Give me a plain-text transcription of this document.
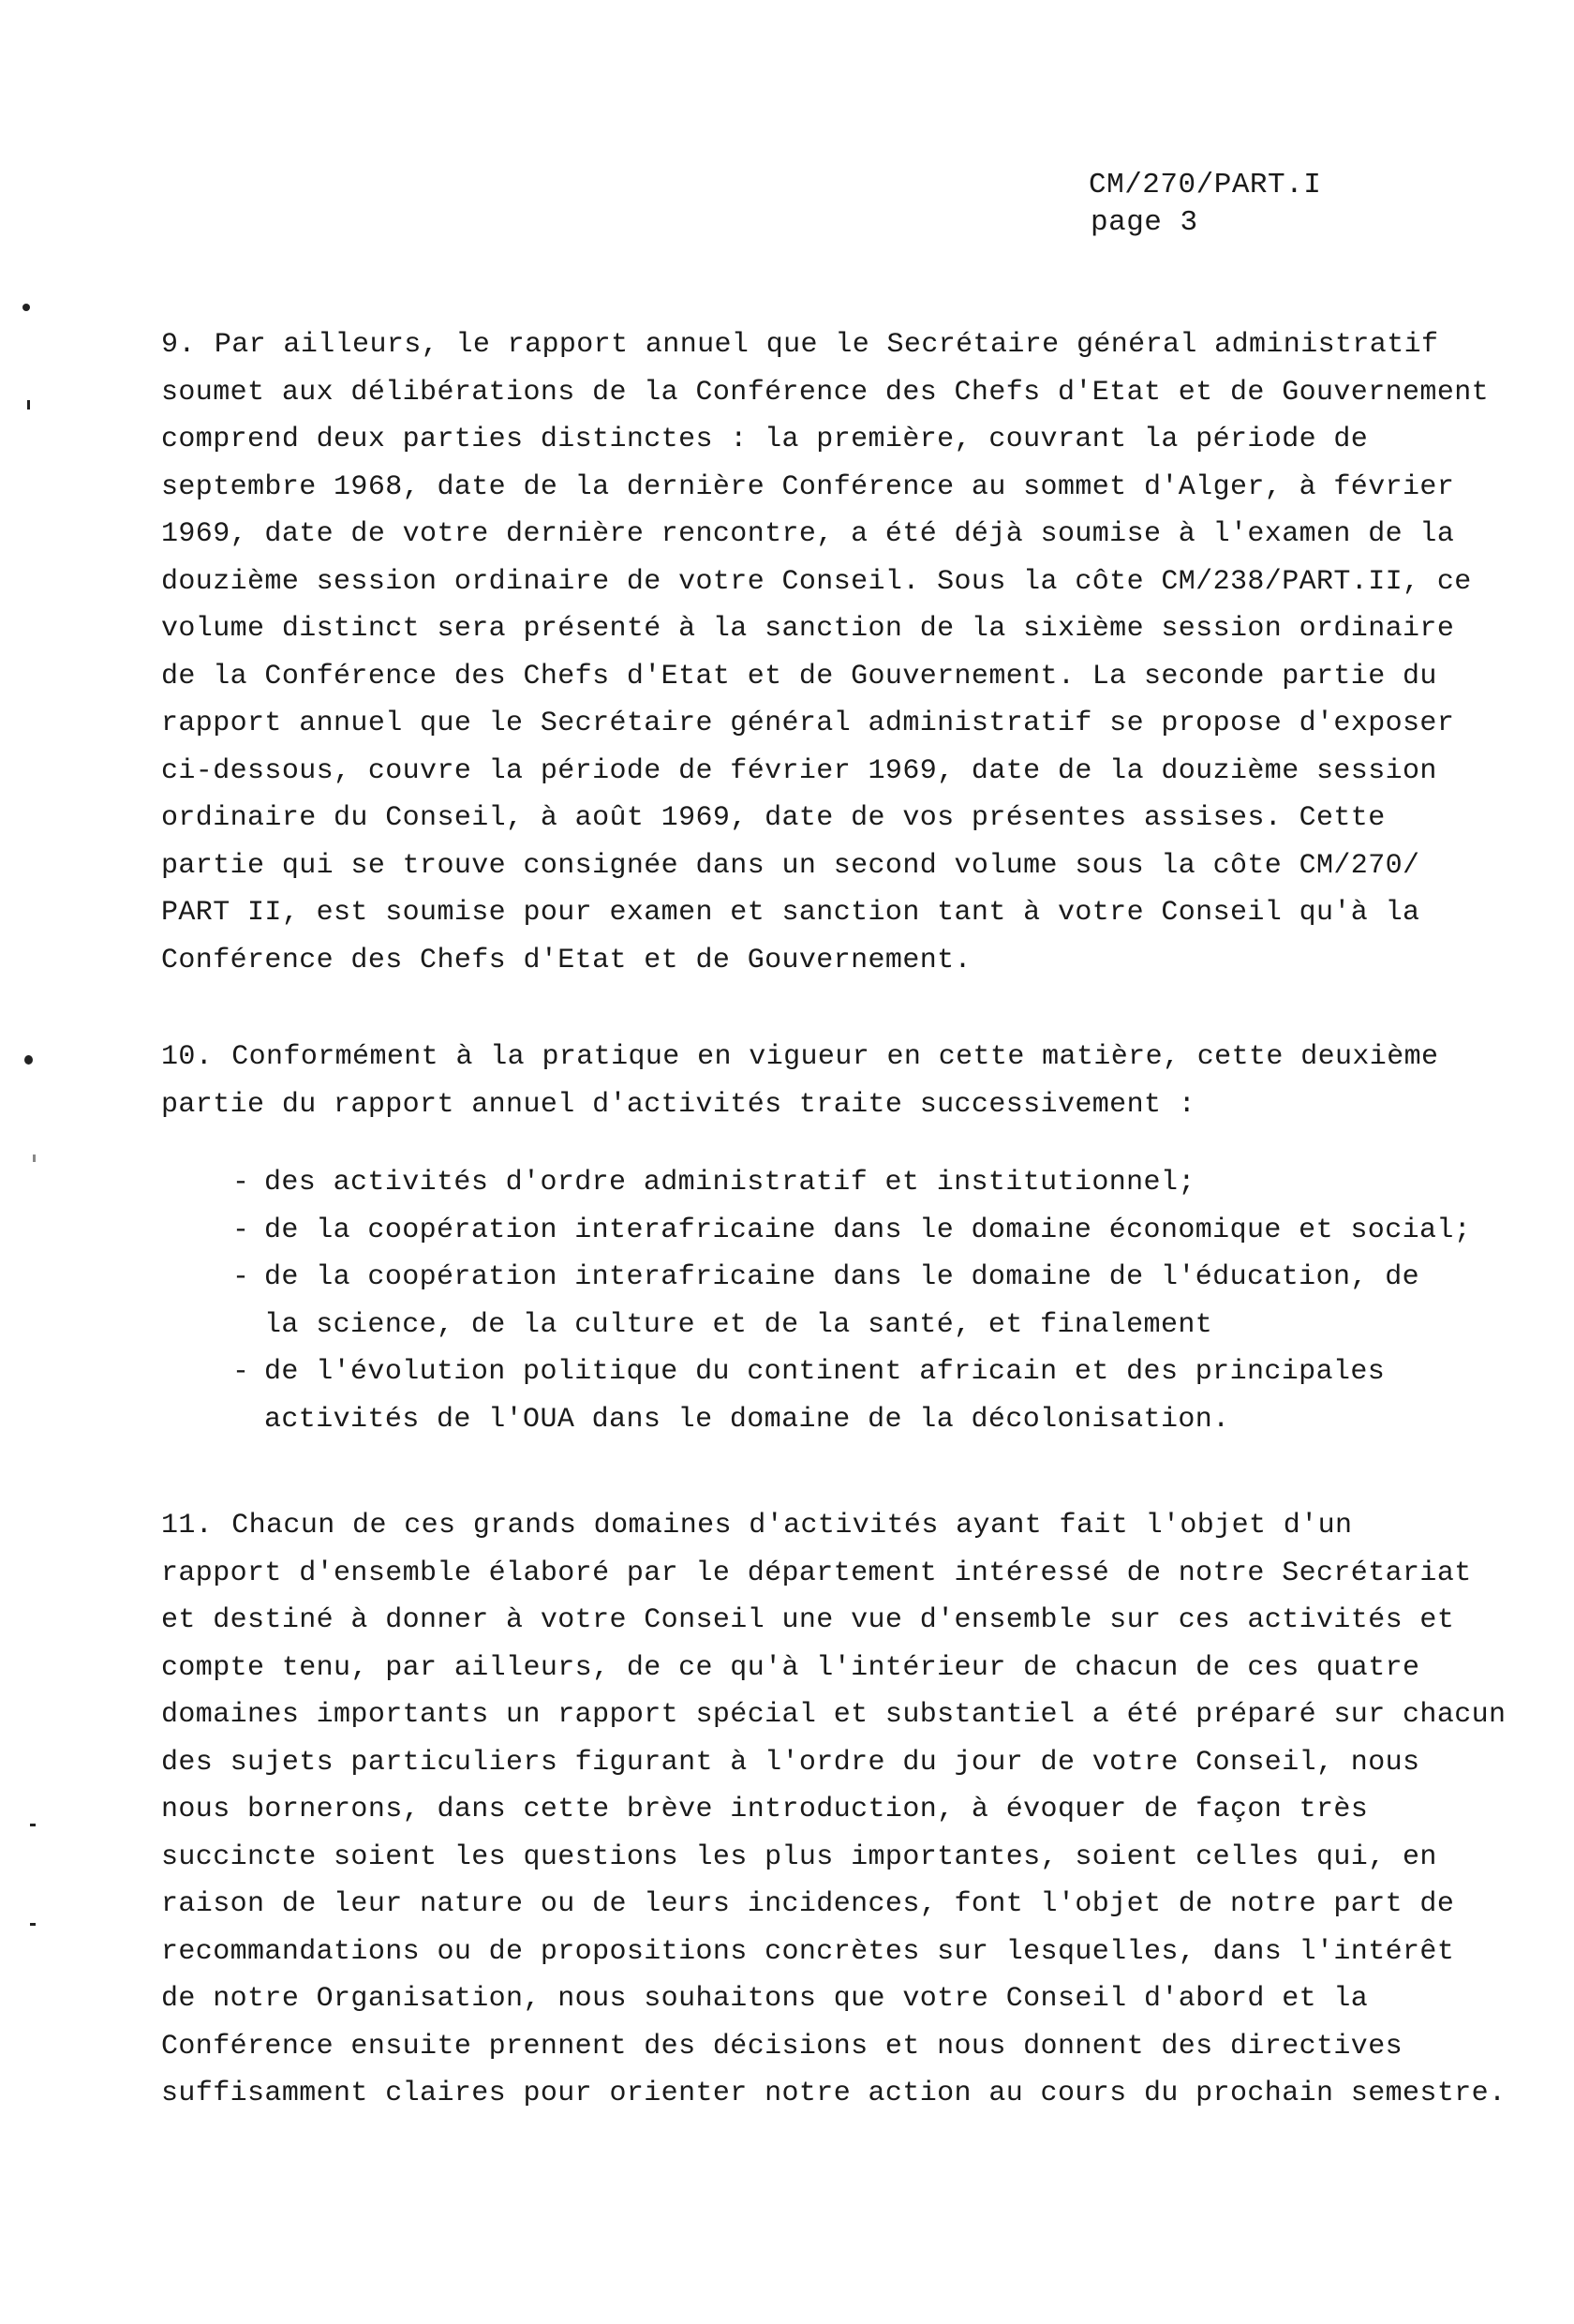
CM/270/PART.I
page 3
9. Par ailleurs, le rapport annuel que le Secrétaire général administratif
soumet aux délibérations de la Conférence des Chefs d'Etat et de Gouvernement
comprend deux parties distinctes : la première, couvrant la période de
septembre 1968, date de la dernière Conférence au sommet d'Alger, à février
1969, date de votre dernière rencontre, a été déjà soumise à l'examen de la
douzième session ordinaire de votre Conseil. Sous la côte CM/238/PART.II, ce
volume distinct sera présenté à la sanction de la sixième session ordinaire
de la Conférence des Chefs d'Etat et de Gouvernement. La seconde partie du
rapport annuel que le Secrétaire général administratif se propose d'exposer
ci-dessous, couvre la période de février 1969, date de la douzième session
ordinaire du Conseil, à août 1969, date de vos présentes assises. Cette
partie qui se trouve consignée dans un second volume sous la côte CM/270/
PART II, est soumise pour examen et sanction tant à votre Conseil qu'à la
Conférence des Chefs d'Etat et de Gouvernement.
10. Conformément à la pratique en vigueur en cette matière, cette deuxième
partie du rapport annuel d'activités traite successivement :
- des activités d'ordre administratif et institutionnel;
- de la coopération interafricaine dans le domaine économique et social;
- de la coopération interafricaine dans le domaine de l'éducation, de
la science, de la culture et de la santé, et finalement
- de l'évolution politique du continent africain et des principales
activités de l'OUA dans le domaine de la décolonisation.
11. Chacun de ces grands domaines d'activités ayant fait l'objet d'un
rapport d'ensemble élaboré par le département intéressé de notre Secrétariat
et destiné à donner à votre Conseil une vue d'ensemble sur ces activités et
compte tenu, par ailleurs, de ce qu'à l'intérieur de chacun de ces quatre
domaines importants un rapport spécial et substantiel a été préparé sur chacun
des sujets particuliers figurant à l'ordre du jour de votre Conseil, nous
nous bornerons, dans cette brève introduction, à évoquer de façon très
succincte soient les questions les plus importantes, soient celles qui, en
raison de leur nature ou de leurs incidences, font l'objet de notre part de
recommandations ou de propositions concrètes sur lesquelles, dans l'intérêt
de notre Organisation, nous souhaitons que votre Conseil d'abord et la
Conférence ensuite prennent des décisions et nous donnent des directives
suffisamment claires pour orienter notre action au cours du prochain semestre.
